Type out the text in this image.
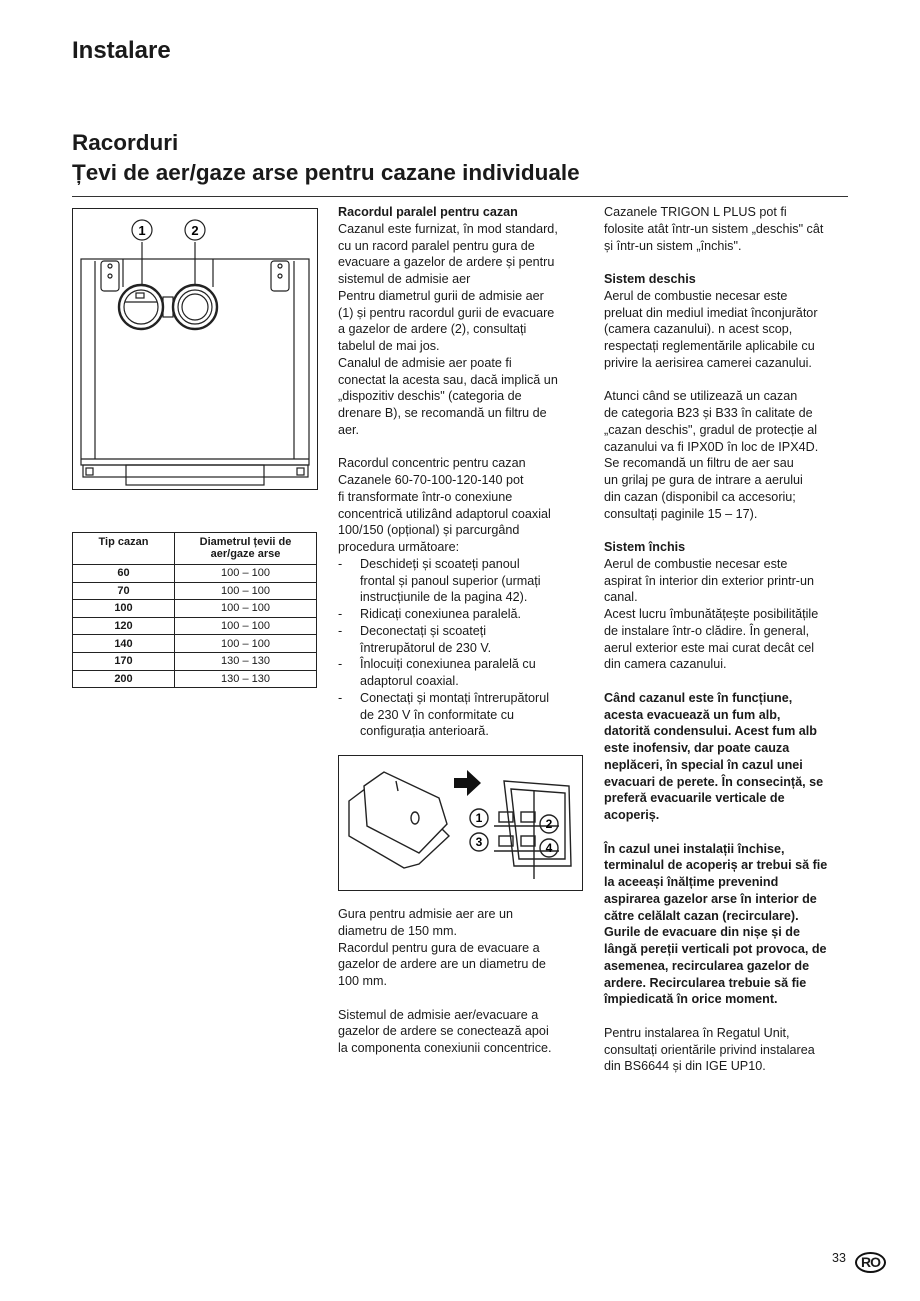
Instalare
Racorduri
Țevi de aer/gaze arse pentru cazane individuale
1	2
Tip cazan	Diametrul țevii de aer/gaze arse
60	100 – 100
70	100 – 100
100	100 – 100
120	100 – 100
140	100 – 100
170	130 – 130
200	130 – 130
Racordul paralel pentru cazan
Cazanul este furnizat, în mod standard,
cu un racord paralel pentru gura de
evacuare a gazelor de ardere și pentru
sistemul de admisie aer
Pentru diametrul gurii de admisie aer
(1) și pentru racordul gurii de evacuare
a gazelor de ardere (2), consultați
tabelul de mai jos.
Canalul de admisie aer poate fi
conectat la acesta sau, dacă implică un
„dispozitiv deschis" (categoria de
drenare B), se recomandă un filtru de
aer.
Racordul concentric pentru cazan
Cazanele 60-70-100-120-140 pot
fi transformate într-o conexiune
concentrică utilizând adaptorul coaxial
100/150 (opțional) și parcurgând
procedura următoare:
-	Deschideți și scoateți panoul
frontal și panoul superior (urmați
instrucțiunile de la pagina 42).
-	Ridicați conexiunea paralelă.
-	Deconectați și scoateți
întrerupătorul de 230 V.
-	Înlocuiți conexiunea paralelă cu
adaptorul coaxial.
-	Conectați și montați întrerupătorul
de 230 V în conformitate cu
configurația anterioară.
1	2
3	4
Gura pentru admisie aer are un
diametru de 150 mm.
Racordul pentru gura de evacuare a
gazelor de ardere are un diametru de
100 mm.
Sistemul de admisie aer/evacuare a
gazelor de ardere se conectează apoi
la componenta conexiunii concentrice.
Cazanele TRIGON L PLUS pot fi
folosite atât într-un sistem „deschis" cât
și într-un sistem „închis".
Sistem deschis
Aerul de combustie necesar este
preluat din mediul imediat înconjurător
(camera cazanului). n acest scop,
respectați reglementările aplicabile cu
privire la aerisirea camerei cazanului.
Atunci când se utilizează un cazan
de categoria B23 și B33 în calitate de
„cazan deschis", gradul de protecție al
cazanului va fi IPX0D în loc de IPX4D.
Se recomandă un filtru de aer sau
un grilaj pe gura de intrare a aerului
din cazan (disponibil ca accesoriu;
consultați paginile 15 – 17).
Sistem închis
Aerul de combustie necesar este
aspirat în interior din exterior printr-un
canal.
Acest lucru îmbunătățește posibilitățile
de instalare într-o clădire. În general,
aerul exterior este mai curat decât cel
din camera cazanului.
Când cazanul este în funcțiune,
acesta evacuează un fum alb,
datorită condensului. Acest fum alb
este inofensiv, dar poate cauza
neplăceri, în special în cazul unei
evacuari de perete. În consecință, se
preferă evacuarile verticale de
acoperiș.
În cazul unei instalații închise,
terminalul de acoperiș ar trebui să fie
la aceeași înălțime prevenind
aspirarea gazelor arse în interior de
către celălalt cazan (recirculare).
Gurile de evacuare din nișe și de
lângă pereții verticali pot provoca, de
asemenea, recircularea gazelor de
ardere. Recircularea trebuie să fie
împiedicată în orice moment.
Pentru instalarea în Regatul Unit,
consultați orientările privind instalarea
din BS6644 și din IGE UP10.
33	RO
